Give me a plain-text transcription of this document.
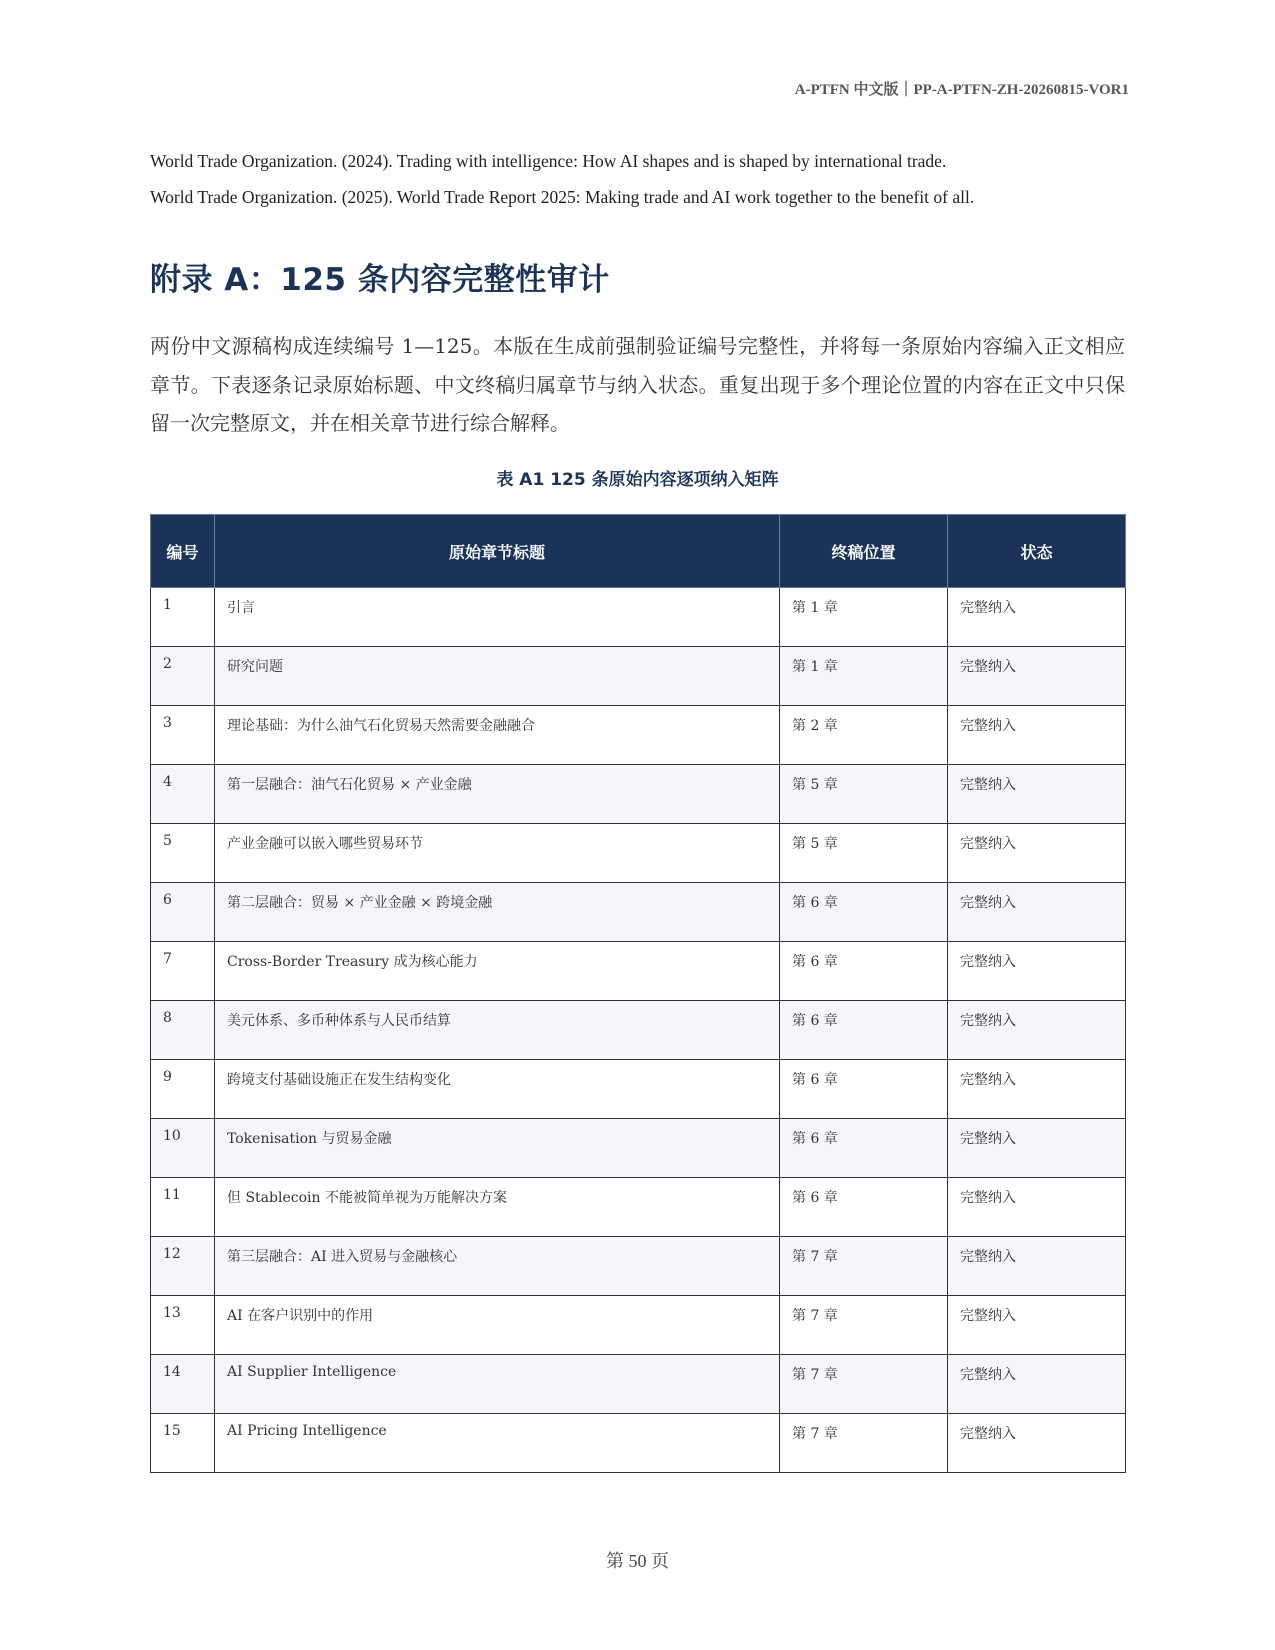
A-PTFN 中文版｜PP-A-PTFN-ZH-20260815-VOR1

World Trade Organization. (2024). Trading with intelligence: How AI shapes and is shaped by international trade.

World Trade Organization. (2025). World Trade Report 2025: Making trade and AI work together to the benefit of all.

附录 A：125 条内容完整性审计

两份中文源稿构成连续编号 1—125。本版在生成前强制验证编号完整性，并将每一条原始内容编入正文相应章节。下表逐条记录原始标题、中文终稿归属章节与纳入状态。重复出现于多个理论位置的内容在正文中只保留一次完整原文，并在相关章节进行综合解释。

表 A1 125 条原始内容逐项纳入矩阵
编号	原始章节标题	终稿位置	状态
1	引言	第 1 章	完整纳入
2	研究问题	第 1 章	完整纳入
3	理论基础：为什么油气石化贸易天然需要金融融合	第 2 章	完整纳入
4	第一层融合：油气石化贸易 × 产业金融	第 5 章	完整纳入
5	产业金融可以嵌入哪些贸易环节	第 5 章	完整纳入
6	第二层融合：贸易 × 产业金融 × 跨境金融	第 6 章	完整纳入
7	Cross-Border Treasury 成为核心能力	第 6 章	完整纳入
8	美元体系、多币种体系与人民币结算	第 6 章	完整纳入
9	跨境支付基础设施正在发生结构变化	第 6 章	完整纳入
10	Tokenisation 与贸易金融	第 6 章	完整纳入
11	但 Stablecoin 不能被简单视为万能解决方案	第 6 章	完整纳入
12	第三层融合：AI 进入贸易与金融核心	第 7 章	完整纳入
13	AI 在客户识别中的作用	第 7 章	完整纳入
14	AI Supplier Intelligence	第 7 章	完整纳入
15	AI Pricing Intelligence	第 7 章	完整纳入
第 50 页
